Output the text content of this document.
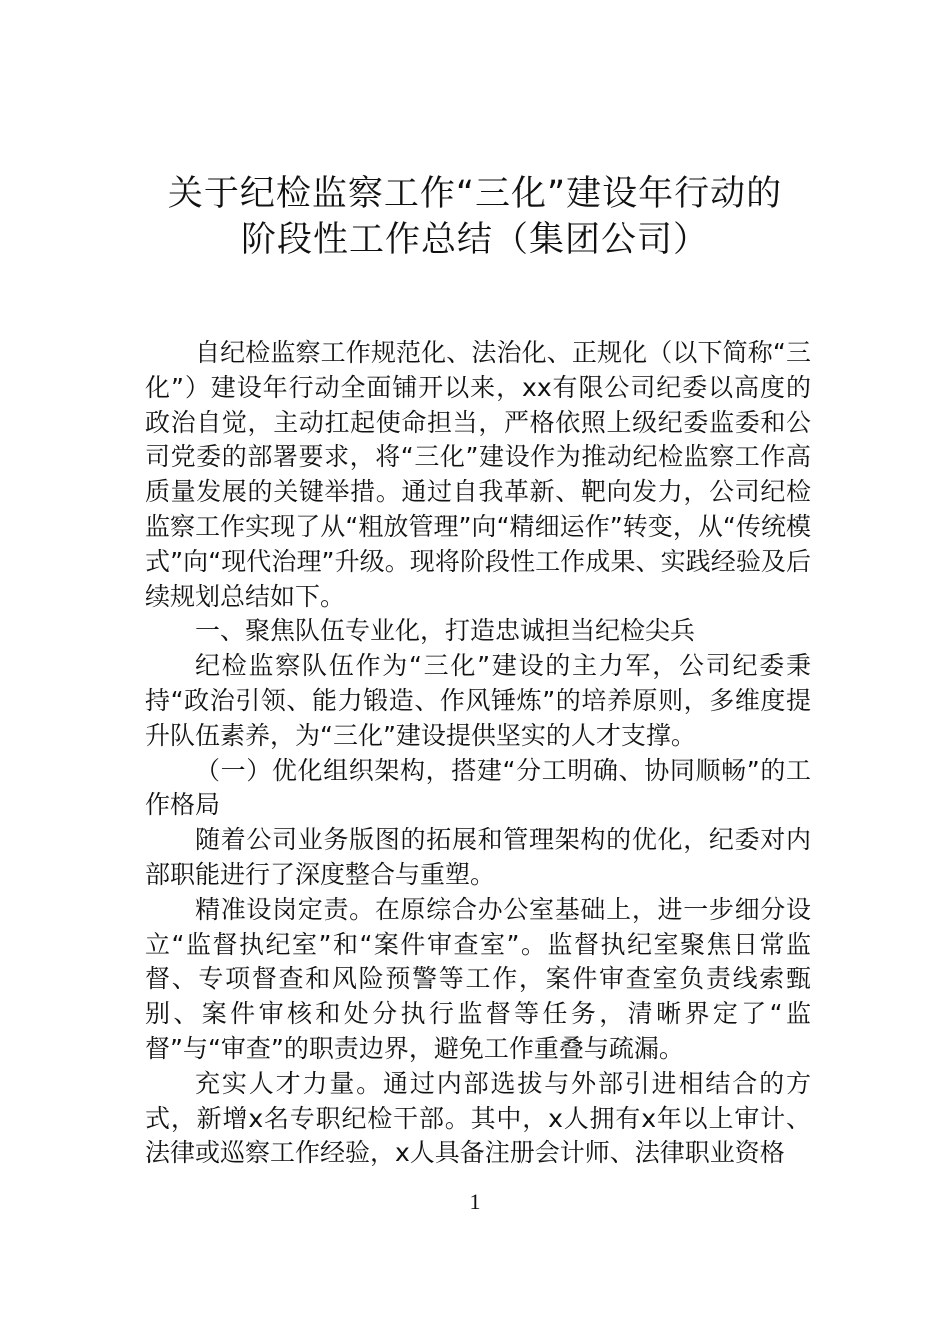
关于纪检监察工作“三化”建设年行动的
阶段性工作总结（集团公司）

自纪检监察工作规范化、法治化、正规化（以下简称“三化”）建设年行动全面铺开以来，xx有限公司纪委以高度的政治自觉，主动扛起使命担当，严格依照上级纪委监委和公司党委的部署要求，将“三化”建设作为推动纪检监察工作高质量发展的关键举措。通过自我革新、靶向发力，公司纪检监察工作实现了从“粗放管理”向“精细运作”转变，从“传统模式”向“现代治理”升级。现将阶段性工作成果、实践经验及后续规划总结如下。

一、聚焦队伍专业化，打造忠诚担当纪检尖兵

纪检监察队伍作为“三化”建设的主力军，公司纪委秉持“政治引领、能力锻造、作风锤炼”的培养原则，多维度提升队伍素养，为“三化”建设提供坚实的人才支撑。

（一）优化组织架构，搭建“分工明确、协同顺畅”的工作格局

随着公司业务版图的拓展和管理架构的优化，纪委对内部职能进行了深度整合与重塑。

精准设岗定责。在原综合办公室基础上，进一步细分设立“监督执纪室”和“案件审查室”。监督执纪室聚焦日常监督、专项督查和风险预警等工作，案件审查室负责线索甄别、案件审核和处分执行监督等任务，清晰界定了“监督”与“审查”的职责边界，避免工作重叠与疏漏。

充实人才力量。通过内部选拔与外部引进相结合的方式，新增x名专职纪检干部。其中，x人拥有x年以上审计、法律或巡察工作经验，x人具备注册会计师、法律职业资格

1
